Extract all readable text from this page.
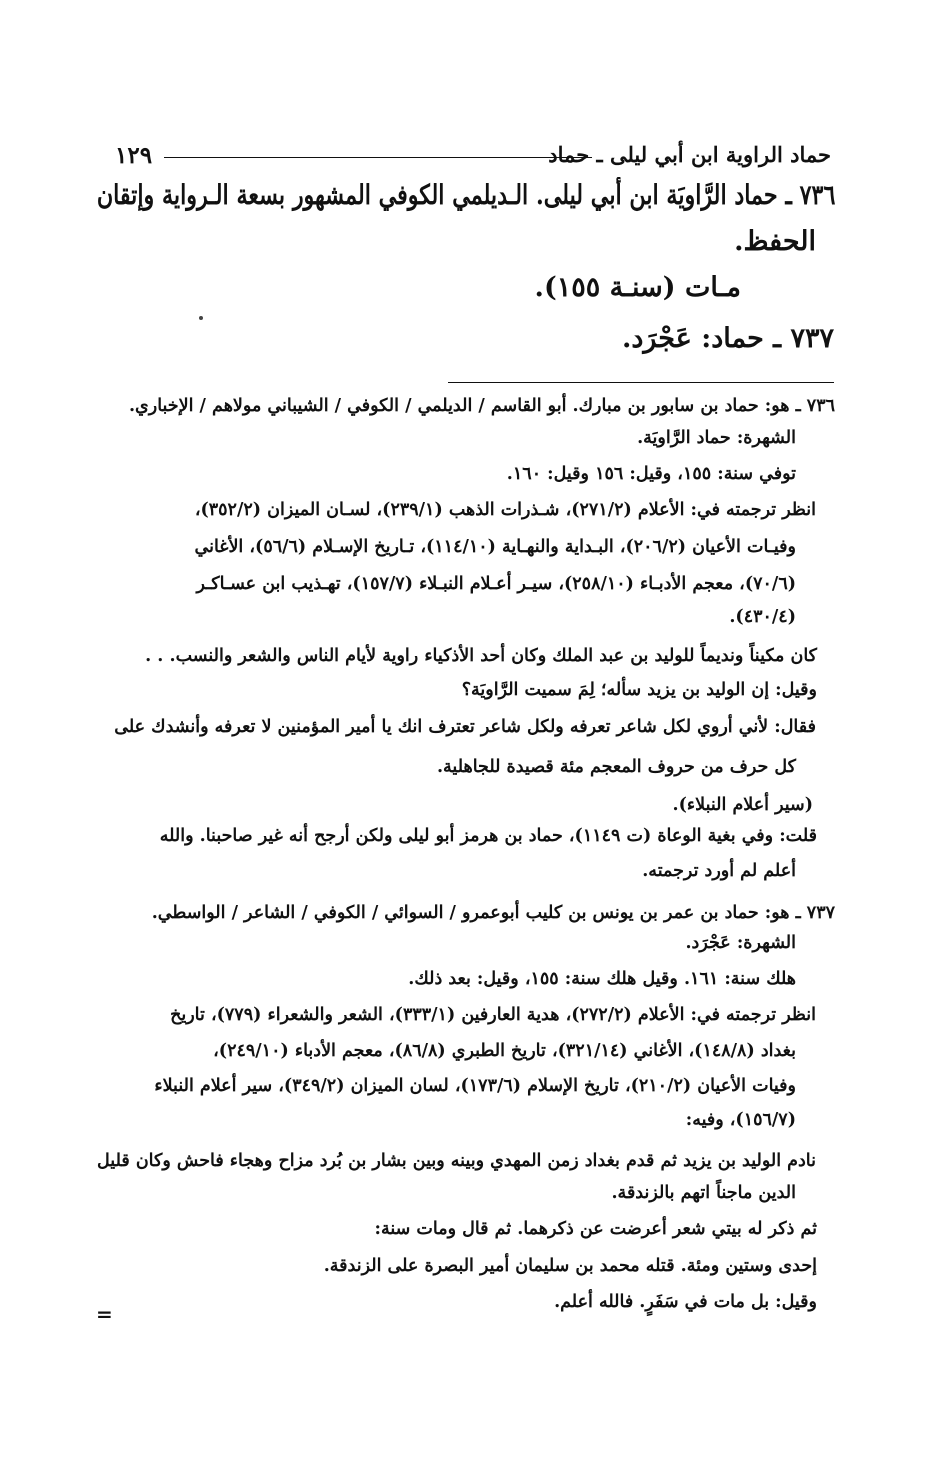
حماد الراوية ابن أبي ليلى ـ حماد
١٢٩
٧٣٦ ـ حماد الرَّاويَة ابن أبي ليلى. الـديلمي الكوفي المشهور بسعة الـرواية وإتقان
الحفظ.
مـات (سنـة ١٥٥).
٧٣٧ ـ حماد: عَجْرَد.
٧٣٦ ـ هو: حماد بن سابور بن مبارك. أبو القاسم / الديلمي / الكوفي / الشيباني مولاهم / الإخباري.
الشهرة: حماد الرَّاويَة.
توفي سنة: ١٥٥، وقيل: ١٥٦ وقيل: ١٦٠.
انظر ترجمته في: الأعلام (٢٧١/٢)، شـذرات الذهب (٢٣٩/١)، لسـان الميزان (٣٥٢/٢)،
وفيـات الأعيان (٢٠٦/٢)، البـداية والنهـاية (١١٤/١٠)، تـاريخ الإسـلام (٥٦/٦)، الأغاني
(٧٠/٦)، معجم الأدبـاء (٢٥٨/١٠)، سيـر أعـلام النبـلاء (١٥٧/٧)، تهـذيب ابن عسـاكـر
(٤٣٠/٤).
كان مكيناً ونديماً للوليد بن عبد الملك وكان أحد الأذكياء راوية لأيام الناس والشعر والنسب. . .
وقيل: إن الوليد بن يزيد سأله؛ لِمَ سميت الرَّاويَة؟
فقال: لأني أروي لكل شاعر تعرفه ولكل شاعر تعترف انك يا أمير المؤمنين لا تعرفه وأنشدك على
كل حرف من حروف المعجم مئة قصيدة للجاهلية.
(سير أعلام النبلاء).
قلت: وفي بغية الوعاة (ت ١١٤٩)، حماد بن هرمز أبو ليلى ولكن أرجح أنه غير صاحبنا. والله
أعلم لم أورد ترجمته.
٧٣٧ ـ هو: حماد بن عمر بن يونس بن كليب أبوعمرو / السوائي / الكوفي / الشاعر / الواسطي.
الشهرة: عَجْرَد.
هلك سنة: ١٦١. وقيل هلك سنة: ١٥٥، وقيل: بعد ذلك.
انظر ترجمته في: الأعلام (٢٧٢/٢)، هدية العارفين (٣٣٣/١)، الشعر والشعراء (٧٧٩)، تاريخ
بغداد (١٤٨/٨)، الأغاني (٣٢١/١٤)، تاريخ الطبري (٨٦/٨)، معجم الأدباء (٢٤٩/١٠)،
وفيات الأعيان (٢١٠/٢)، تاريخ الإسلام (١٧٣/٦)، لسان الميزان (٣٤٩/٢)، سير أعلام النبلاء
(١٥٦/٧)، وفيه:
نادم الوليد بن يزيد ثم قدم بغداد زمن المهدي وبينه وبين بشار بن بُرد مزاح وهجاء فاحش وكان قليل
الدين ماجناً اتهم بالزندقة.
ثم ذكر له بيتي شعر أعرضت عن ذكرهما. ثم قال ومات سنة:
إحدى وستين ومئة. قتله محمد بن سليمان أمير البصرة على الزندقة.
وقيل: بل مات في سَفَرٍ. فالله أعلم.
=
